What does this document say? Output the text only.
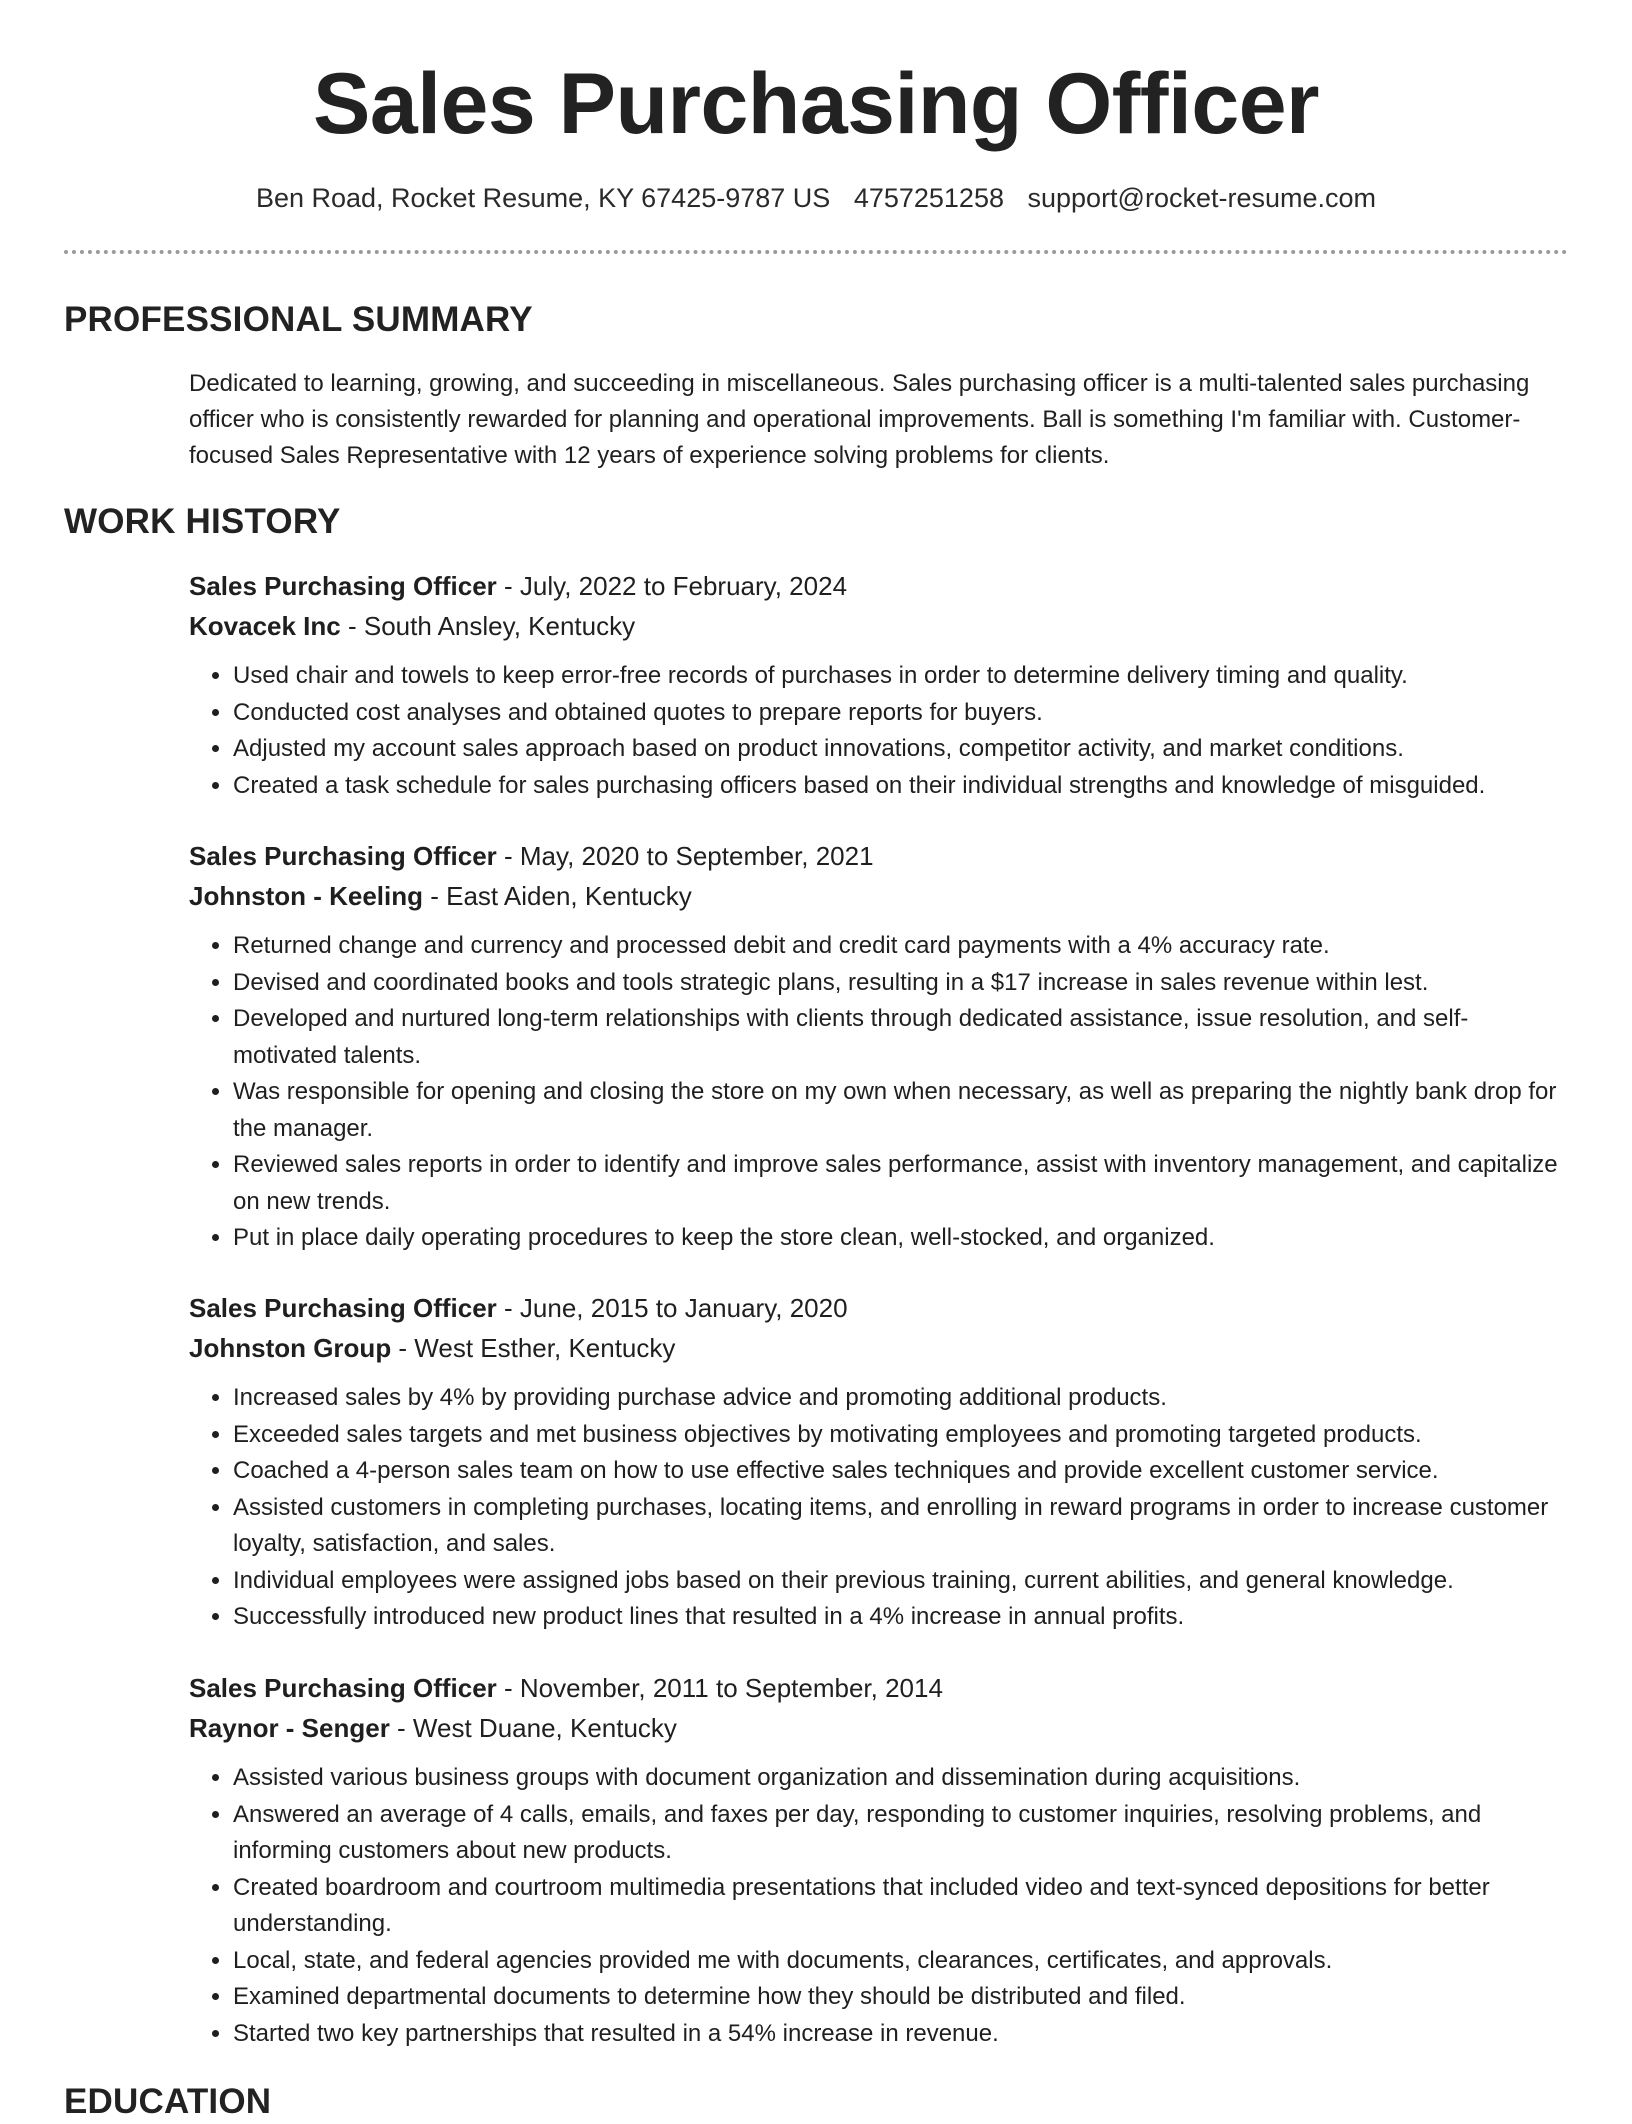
Sales Purchasing Officer
Ben Road, Rocket Resume, KY 67425-9787 US 4757251258 support@rocket-resume.com
PROFESSIONAL SUMMARY
Dedicated to learning, growing, and succeeding in miscellaneous. Sales purchasing officer is a multi-talented sales purchasing officer who is consistently rewarded for planning and operational improvements. Ball is something I'm familiar with. Customer-focused Sales Representative with 12 years of experience solving problems for clients.
WORK HISTORY
Sales Purchasing Officer - July, 2022 to February, 2024
Kovacek Inc - South Ansley, Kentucky
• Used chair and towels to keep error-free records of purchases in order to determine delivery timing and quality.
• Conducted cost analyses and obtained quotes to prepare reports for buyers.
• Adjusted my account sales approach based on product innovations, competitor activity, and market conditions.
• Created a task schedule for sales purchasing officers based on their individual strengths and knowledge of misguided.
Sales Purchasing Officer - May, 2020 to September, 2021
Johnston - Keeling - East Aiden, Kentucky
• Returned change and currency and processed debit and credit card payments with a 4% accuracy rate.
• Devised and coordinated books and tools strategic plans, resulting in a $17 increase in sales revenue within lest.
• Developed and nurtured long-term relationships with clients through dedicated assistance, issue resolution, and self-motivated talents.
• Was responsible for opening and closing the store on my own when necessary, as well as preparing the nightly bank drop for the manager.
• Reviewed sales reports in order to identify and improve sales performance, assist with inventory management, and capitalize on new trends.
• Put in place daily operating procedures to keep the store clean, well-stocked, and organized.
Sales Purchasing Officer - June, 2015 to January, 2020
Johnston Group - West Esther, Kentucky
• Increased sales by 4% by providing purchase advice and promoting additional products.
• Exceeded sales targets and met business objectives by motivating employees and promoting targeted products.
• Coached a 4-person sales team on how to use effective sales techniques and provide excellent customer service.
• Assisted customers in completing purchases, locating items, and enrolling in reward programs in order to increase customer loyalty, satisfaction, and sales.
• Individual employees were assigned jobs based on their previous training, current abilities, and general knowledge.
• Successfully introduced new product lines that resulted in a 4% increase in annual profits.
Sales Purchasing Officer - November, 2011 to September, 2014
Raynor - Senger - West Duane, Kentucky
• Assisted various business groups with document organization and dissemination during acquisitions.
• Answered an average of 4 calls, emails, and faxes per day, responding to customer inquiries, resolving problems, and informing customers about new products.
• Created boardroom and courtroom multimedia presentations that included video and text-synced depositions for better understanding.
• Local, state, and federal agencies provided me with documents, clearances, certificates, and approvals.
• Examined departmental documents to determine how they should be distributed and filed.
• Started two key partnerships that resulted in a 54% increase in revenue.
EDUCATION
